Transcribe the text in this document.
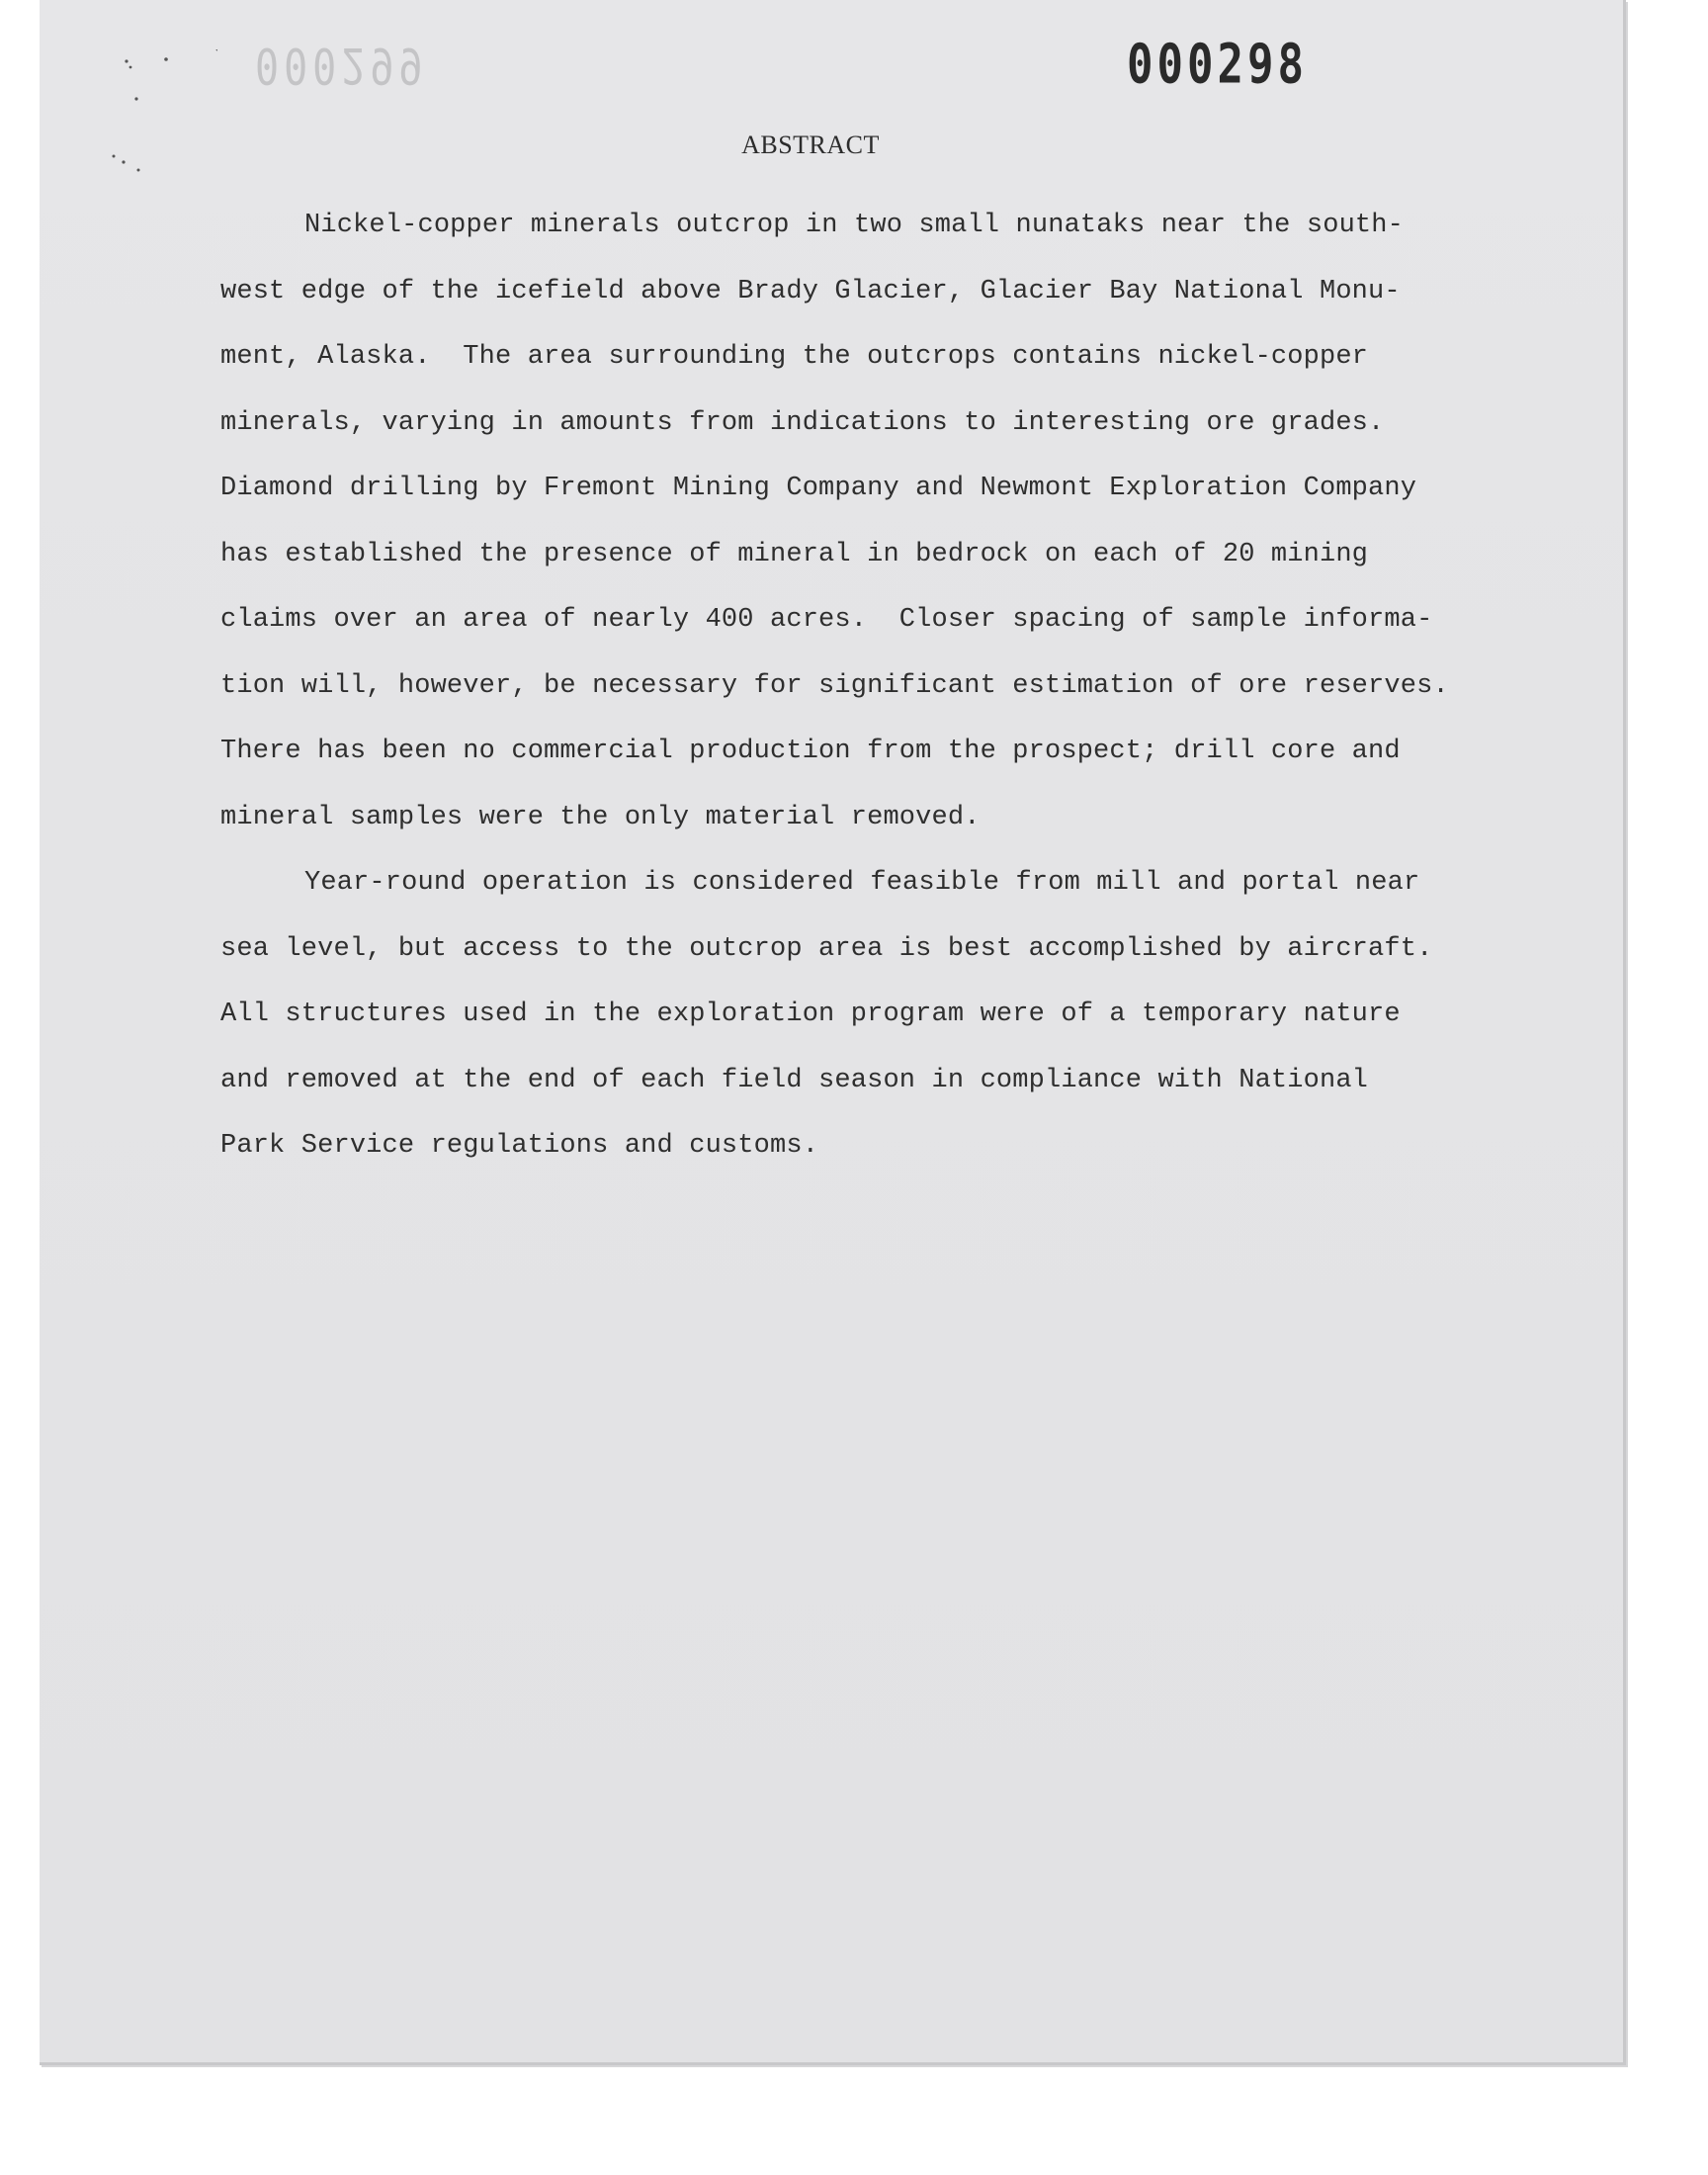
000299	000298
ABSTRACT
Nickel-copper minerals outcrop in two small nunataks near the south-
west edge of the icefield above Brady Glacier, Glacier Bay National Monu-
ment, Alaska.  The area surrounding the outcrops contains nickel-copper
minerals, varying in amounts from indications to interesting ore grades.
Diamond drilling by Fremont Mining Company and Newmont Exploration Company
has established the presence of mineral in bedrock on each of 20 mining
claims over an area of nearly 400 acres.  Closer spacing of sample informa-
tion will, however, be necessary for significant estimation of ore reserves.
There has been no commercial production from the prospect; drill core and
mineral samples were the only material removed.
Year-round operation is considered feasible from mill and portal near
sea level, but access to the outcrop area is best accomplished by aircraft.
All structures used in the exploration program were of a temporary nature
and removed at the end of each field season in compliance with National
Park Service regulations and customs.
